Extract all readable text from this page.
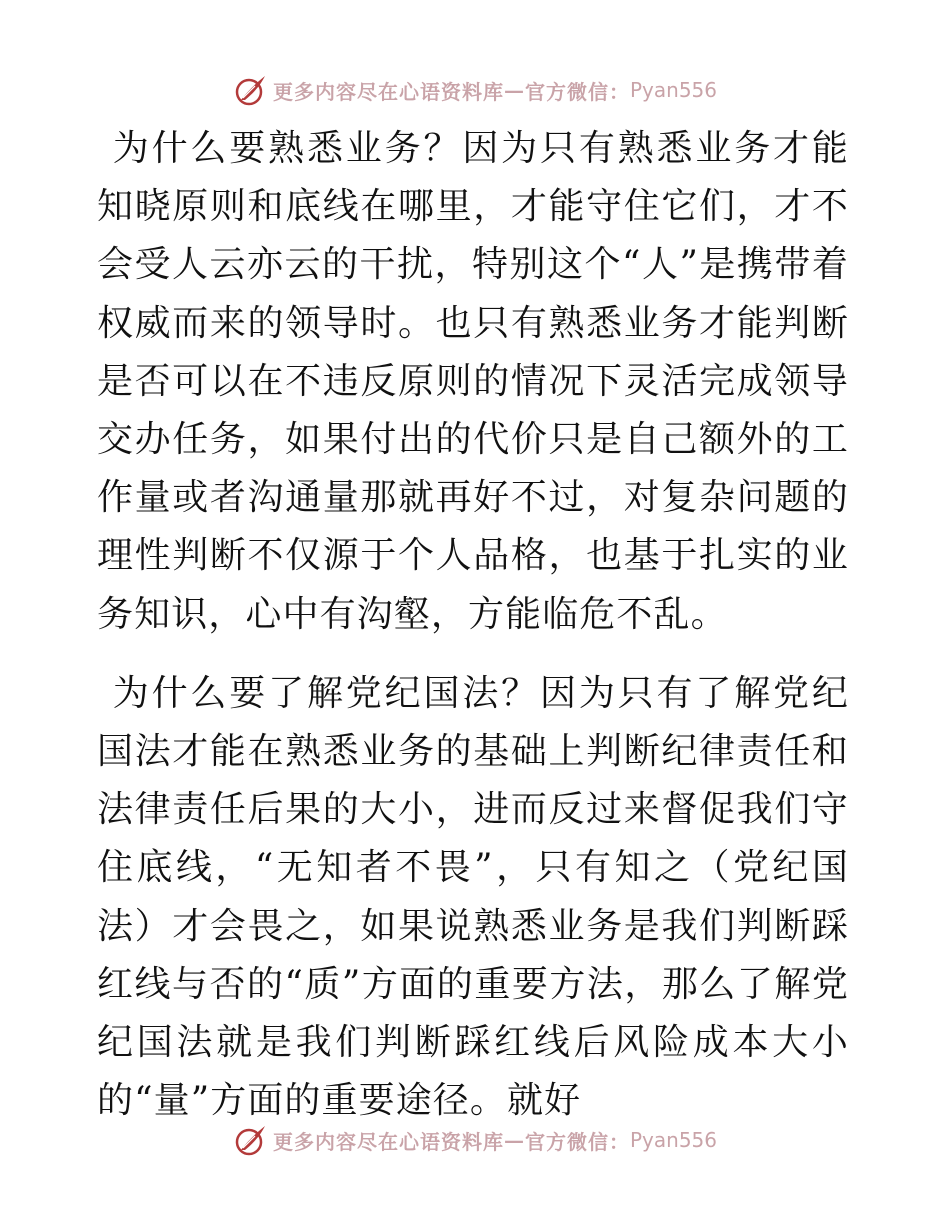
更多内容尽在心语资料库 — 官方微信： Pyan556

为什么要熟悉业务？因为只有熟悉业务才能知晓原则和底线在哪里，才能守住它们，才不会受人云亦云的干扰，特别这个“人”是携带着权威而来的领导时。也只有熟悉业务才能判断是否可以在不违反原则的情况下灵活完成领导交办任务，如果付出的代价只是自己额外的工作量或者沟通量那就再好不过，对复杂问题的理性判断不仅源于个人品格，也基于扎实的业务知识，心中有沟壑，方能临危不乱。

为什么要了解党纪国法？因为只有了解党纪国法才能在熟悉业务的基础上判断纪律责任和法律责任后果的大小，进而反过来督促我们守住底线，“无知者不畏”，只有知之（党纪国法）才会畏之，如果说熟悉业务是我们判断踩红线与否的“质”方面的重要方法，那么了解党纪国法就是我们判断踩红线后风险成本大小的“量”方面的重要途径。就好

更多内容尽在心语资料库 — 官方微信： Pyan556
